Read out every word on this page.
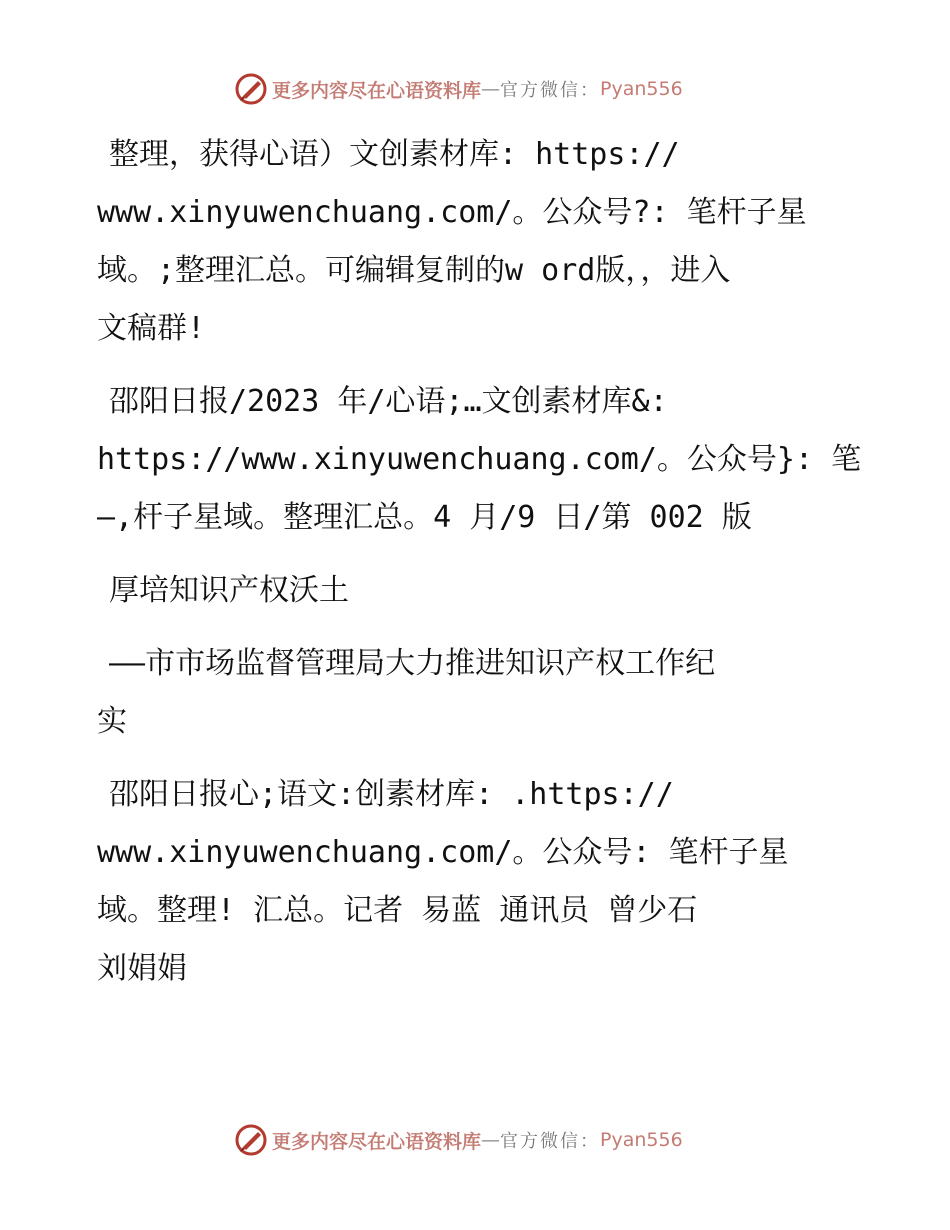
更多内容尽在心语资料库 — 官方微信： Pyan556
整理，获得心语）文创素材库: https://
www.xinyuwenchuang.com/。公众号?: 笔杆子星
域。;整理汇总。可编辑复制的w ord版，，进入
文稿群!
邵阳日报/2023 年/心语;…文创素材库&:
https://www.xinyuwenchuang.com/。公众号}: 笔
—,杆子星域。整理汇总。4 月/9 日/第 002 版
厚培知识产权沃土
——市市场监督管理局大力推进知识产权工作纪
实
邵阳日报心;语文:创素材库: .https://
www.xinyuwenchuang.com/。公众号: 笔杆子星
域。整理! 汇总。记者 易蓝 通讯员 曾少石
刘娟娟
更多内容尽在心语资料库 — 官方微信： Pyan556
